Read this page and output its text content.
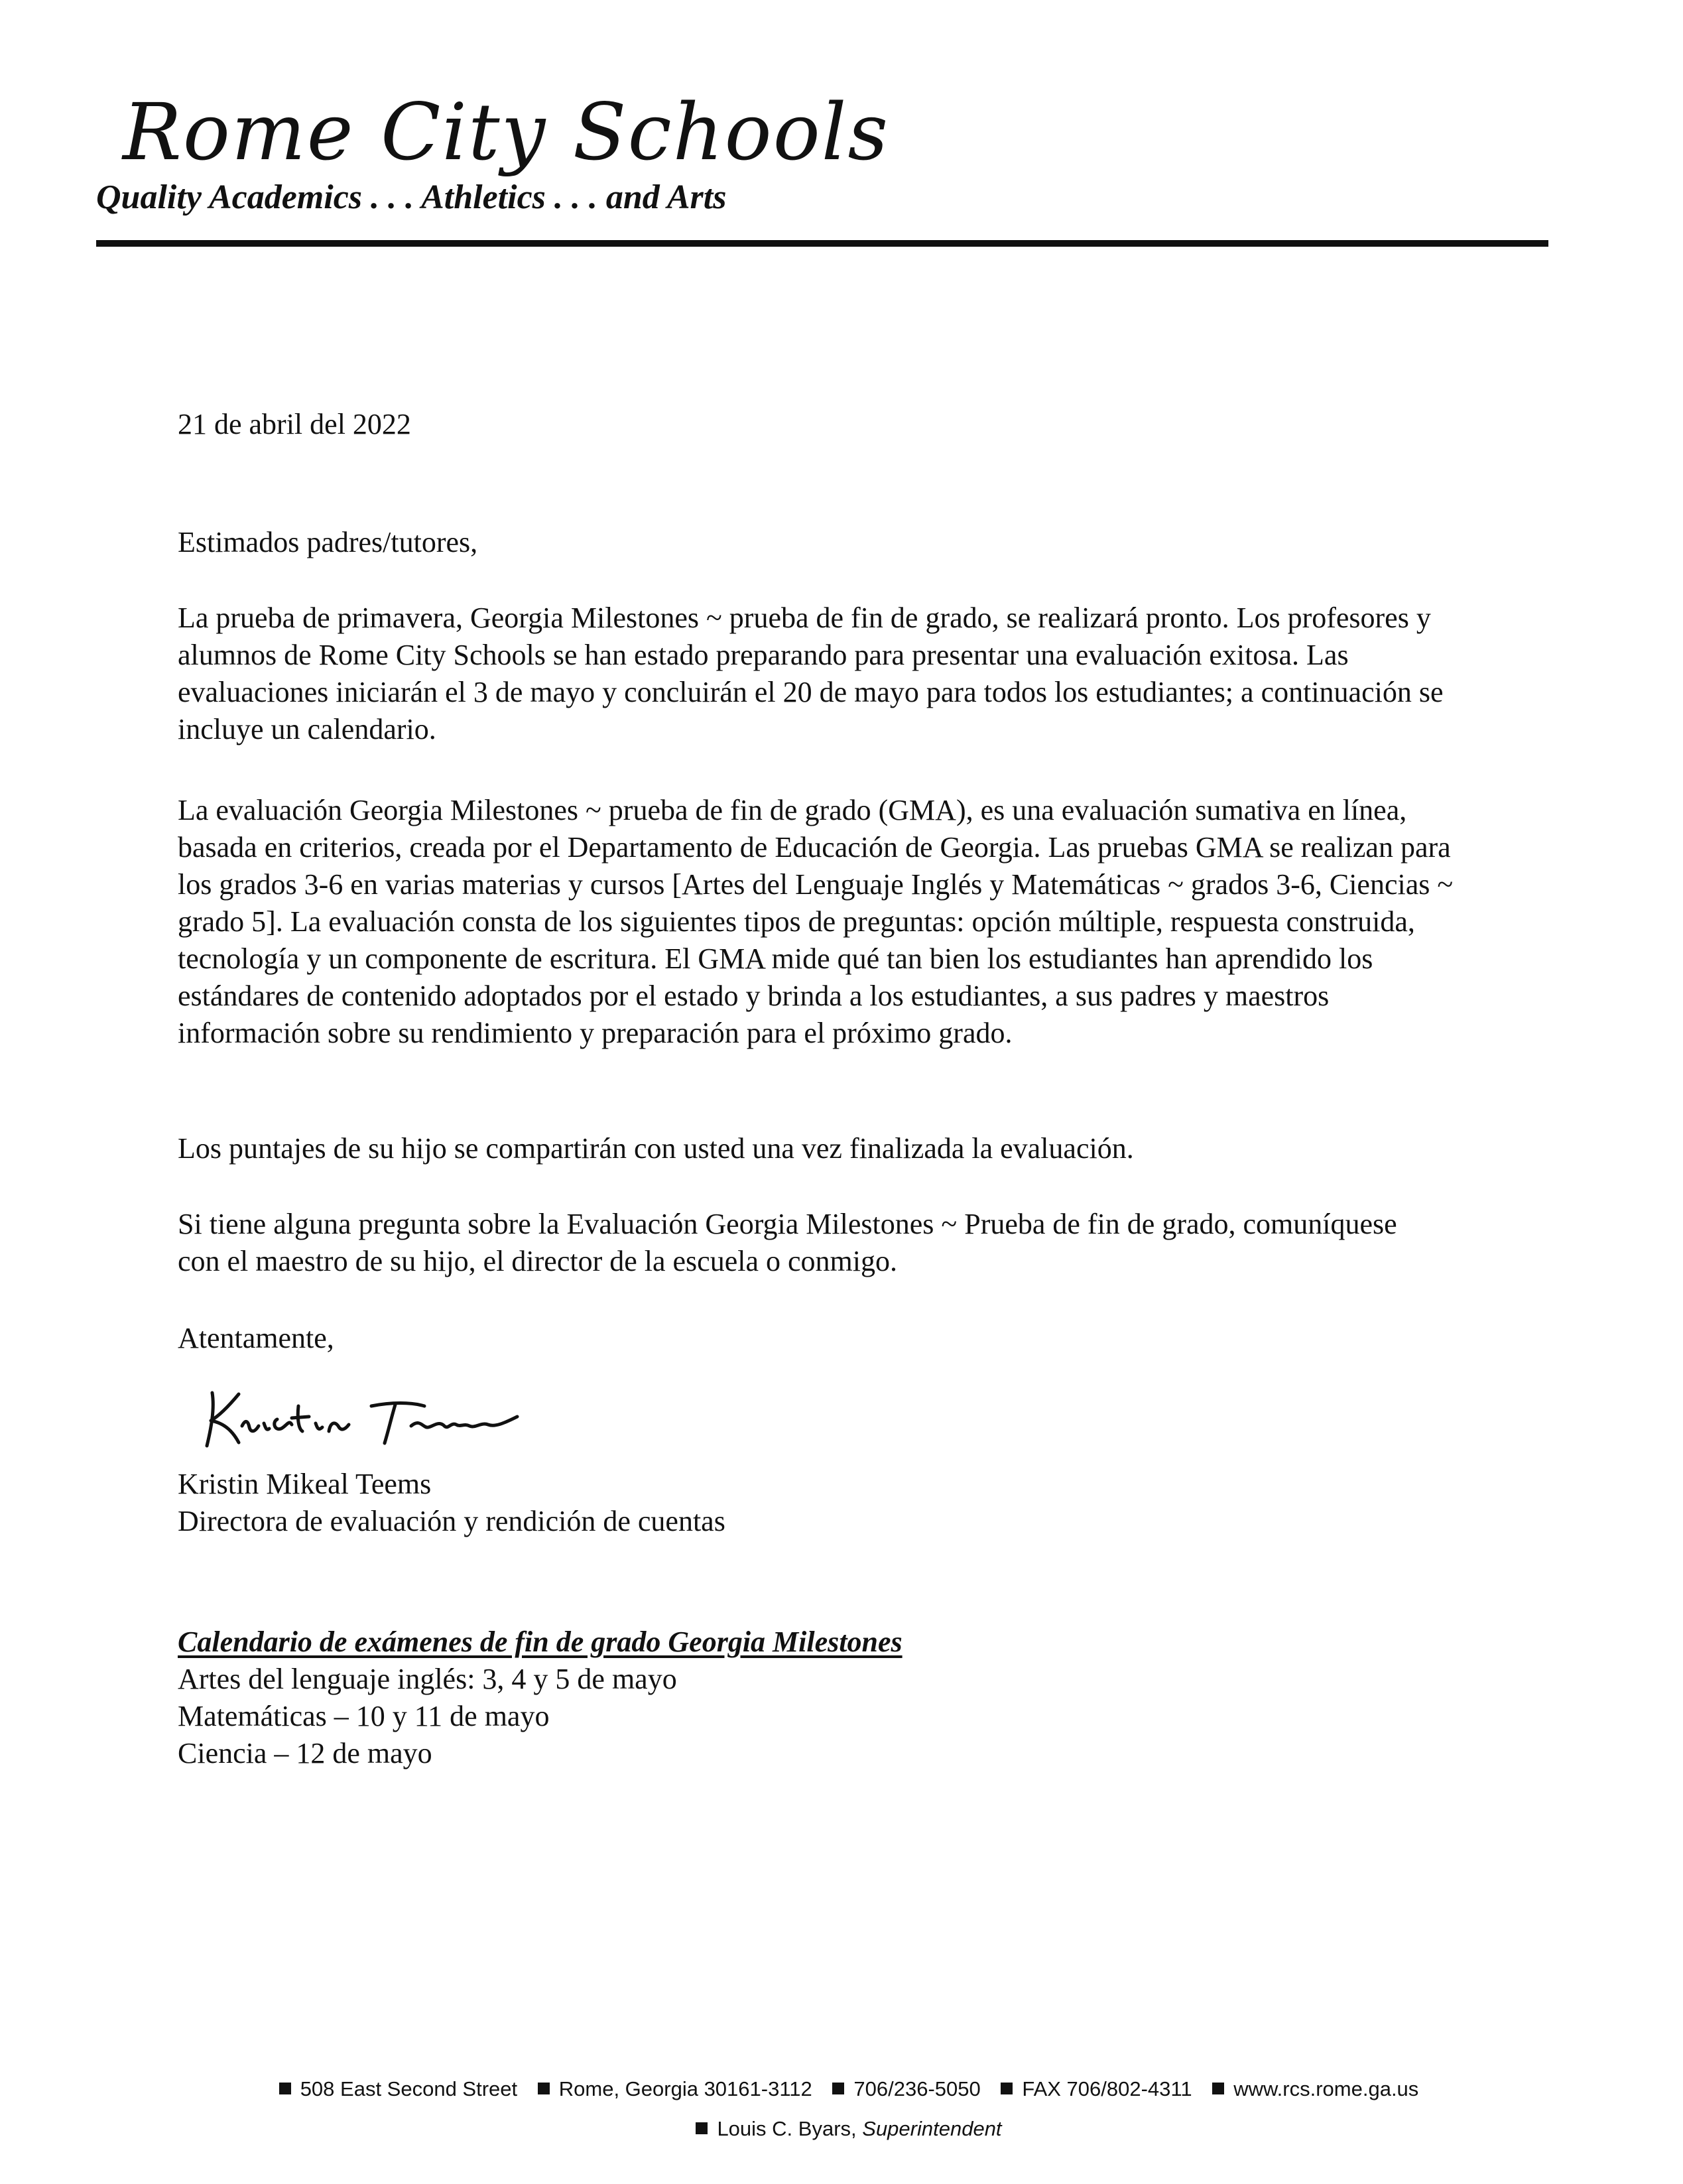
Rome City Schools
Quality Academics . . . Athletics . . . and Arts
21 de abril del 2022
Estimados padres/tutores,

La prueba de primavera, Georgia Milestones ~ prueba de fin de grado, se realizará pronto. Los profesores y alumnos de Rome City Schools se han estado preparando para presentar una evaluación exitosa. Las evaluaciones iniciarán el 3 de mayo y concluirán el 20 de mayo para todos los estudiantes; a continuación se incluye un calendario.

La evaluación Georgia Milestones ~ prueba de fin de grado (GMA), es una evaluación sumativa en línea, basada en criterios, creada por el Departamento de Educación de Georgia. Las pruebas GMA se realizan para los grados 3-6 en varias materias y cursos [Artes del Lenguaje Inglés y Matemáticas ~ grados 3-6, Ciencias ~ grado 5]. La evaluación consta de los siguientes tipos de preguntas: opción múltiple, respuesta construida, tecnología y un componente de escritura. El GMA mide qué tan bien los estudiantes han aprendido los estándares de contenido adoptados por el estado y brinda a los estudiantes, a sus padres y maestros información sobre su rendimiento y preparación para el próximo grado.

Los puntajes de su hijo se compartirán con usted una vez finalizada la evaluación.

Si tiene alguna pregunta sobre la Evaluación Georgia Milestones ~ Prueba de fin de grado, comuníquese con el maestro de su hijo, el director de la escuela o conmigo.

Atentamente,
Kristin Mikeal Teems
Directora de evaluación y rendición de cuentas
Calendario de exámenes de fin de grado Georgia Milestones
Artes del lenguaje inglés: 3, 4 y 5 de mayo
Matemáticas – 10 y 11 de mayo
Ciencia – 12 de mayo
508 East Second Street Rome, Georgia 30161-3112 706/236-5050 FAX 706/802-4311 www.rcs.rome.ga.us
Louis C. Byars, Superintendent
